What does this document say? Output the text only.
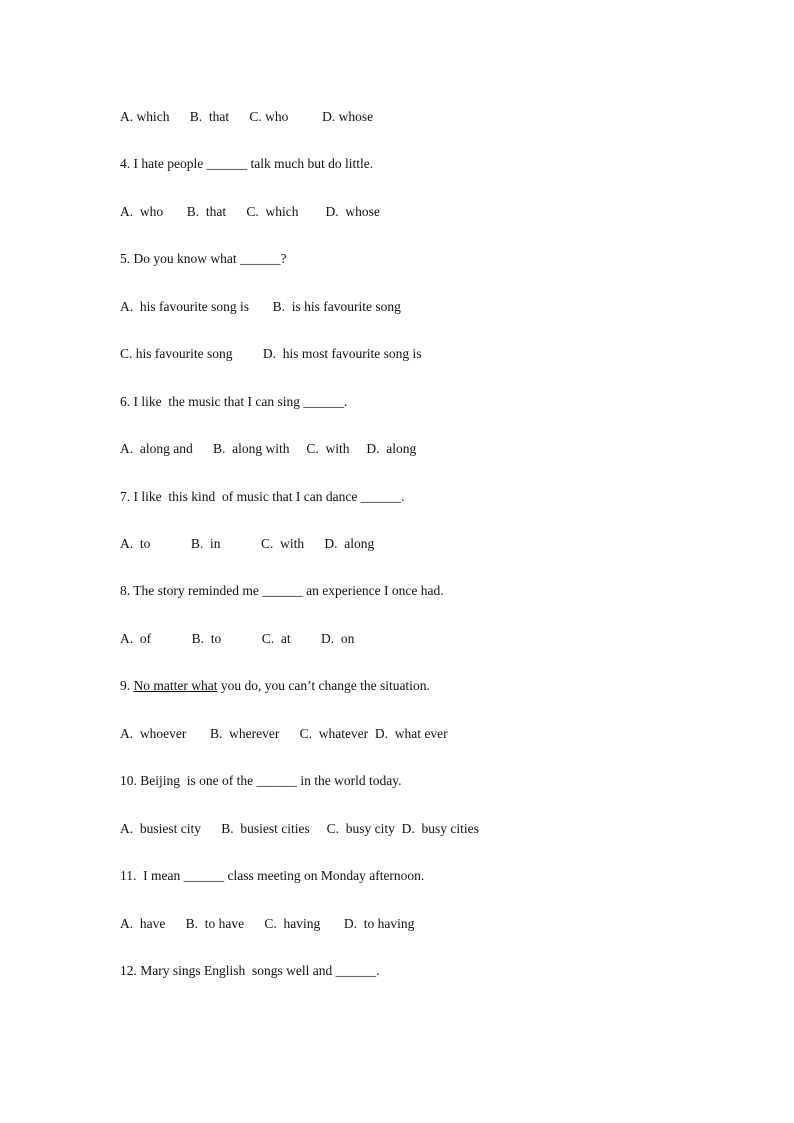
A. which      B.  that      C. who          D. whose
4. I hate people ______ talk much but do little.
A.  who       B.  that      C.  which        D.  whose
5. Do you know what ______?
A.  his favourite song is       B.  is his favourite song
C. his favourite song         D.  his most favourite song is
6. I like  the music that I can sing ______.
A.  along and      B.  along with     C.  with     D.  along
7. I like  this kind  of music that I can dance ______.
A.  to            B.  in            C.  with      D.  along
8. The story reminded me ______ an experience I once had.
A.  of            B.  to            C.  at         D.  on
9. No matter what you do, you can’t change the situation.
A.  whoever       B.  wherever      C.  whatever  D.  what ever
10. Beijing  is one of the ______ in the world today.
A.  busiest city      B.  busiest cities     C.  busy city  D.  busy cities
11.  I mean ______ class meeting on Monday afternoon.
A.  have      B.  to have      C.  having       D.  to having
12. Mary sings English  songs well and ______.
